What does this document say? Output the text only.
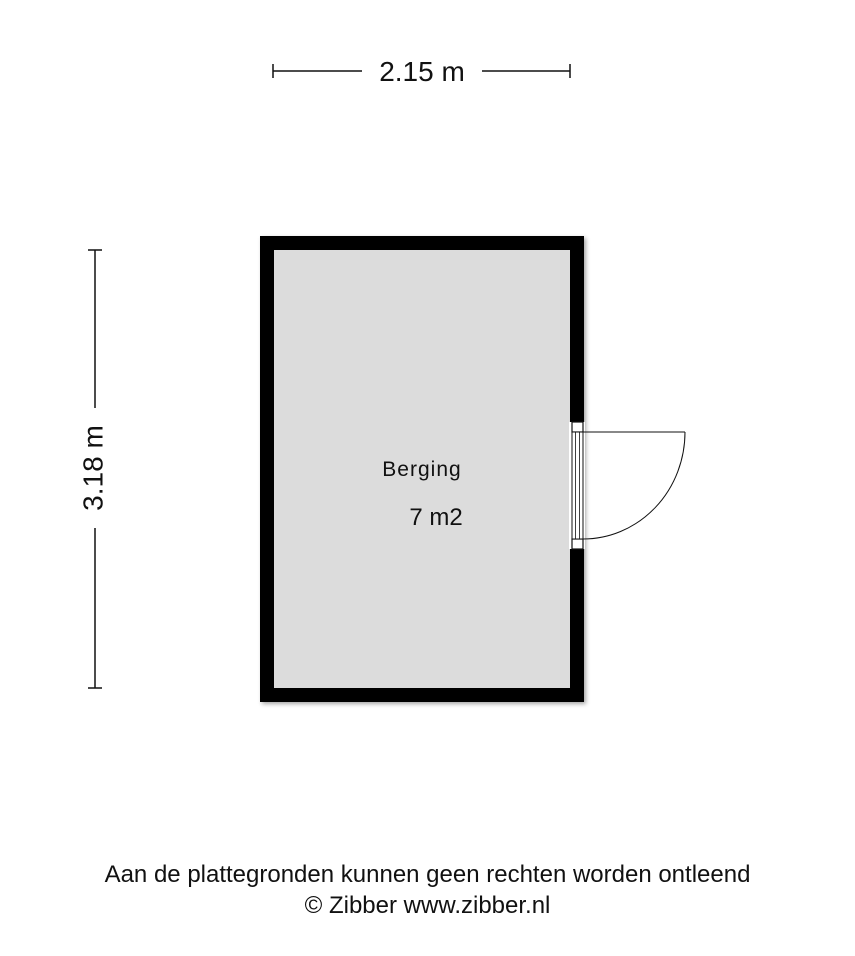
2.15 m
3.18 m	Berging
7 m2
Aan de plattegronden kunnen geen rechten worden ontleend
© Zibber www.zibber.nl
